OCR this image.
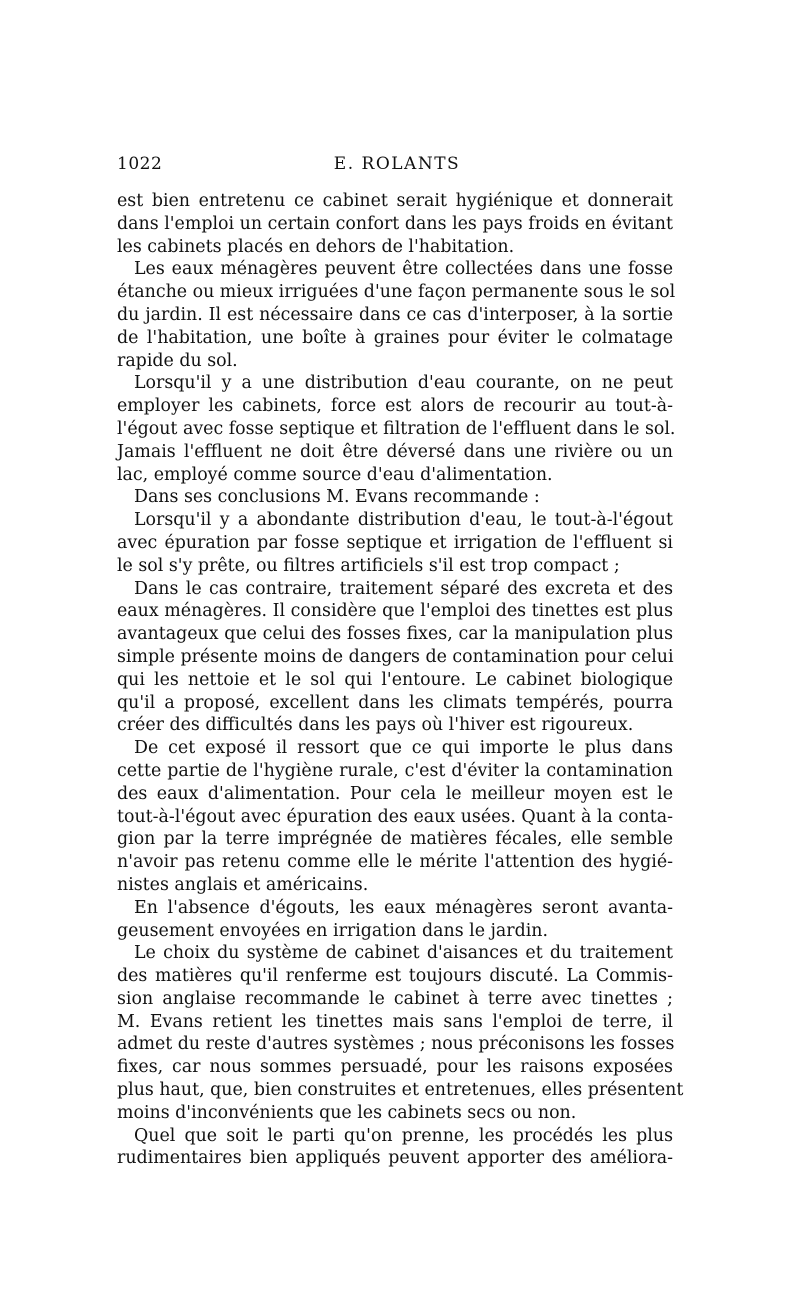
1022	E. ROLANTS
est bien entretenu ce cabinet serait hygiénique et donnerait
dans l'emploi un certain confort dans les pays froids en évitant
les cabinets placés en dehors de l'habitation.
Les eaux ménagères peuvent être collectées dans une fosse
étanche ou mieux irriguées d'une façon permanente sous le sol
du jardin. Il est nécessaire dans ce cas d'interposer, à la sortie
de l'habitation, une boîte à graines pour éviter le colmatage
rapide du sol.
Lorsqu'il y a une distribution d'eau courante, on ne peut
employer les cabinets, force est alors de recourir au tout-à-
l'égout avec fosse septique et filtration de l'effluent dans le sol.
Jamais l'effluent ne doit être déversé dans une rivière ou un
lac, employé comme source d'eau d'alimentation.
Dans ses conclusions M. Evans recommande :
Lorsqu'il y a abondante distribution d'eau, le tout-à-l'égout
avec épuration par fosse septique et irrigation de l'effluent si
le sol s'y prête, ou filtres artificiels s'il est trop compact ;
Dans le cas contraire, traitement séparé des excreta et des
eaux ménagères. Il considère que l'emploi des tinettes est plus
avantageux que celui des fosses fixes, car la manipulation plus
simple présente moins de dangers de contamination pour celui
qui les nettoie et le sol qui l'entoure. Le cabinet biologique
qu'il a proposé, excellent dans les climats tempérés, pourra
créer des difficultés dans les pays où l'hiver est rigoureux.
De cet exposé il ressort que ce qui importe le plus dans
cette partie de l'hygiène rurale, c'est d'éviter la contamination
des eaux d'alimentation. Pour cela le meilleur moyen est le
tout-à-l'égout avec épuration des eaux usées. Quant à la conta-
gion par la terre imprégnée de matières fécales, elle semble
n'avoir pas retenu comme elle le mérite l'attention des hygié-
nistes anglais et américains.
En l'absence d'égouts, les eaux ménagères seront avanta-
geusement envoyées en irrigation dans le jardin.
Le choix du système de cabinet d'aisances et du traitement
des matières qu'il renferme est toujours discuté. La Commis-
sion anglaise recommande le cabinet à terre avec tinettes ;
M. Evans retient les tinettes mais sans l'emploi de terre, il
admet du reste d'autres systèmes ; nous préconisons les fosses
fixes, car nous sommes persuadé, pour les raisons exposées
plus haut, que, bien construites et entretenues, elles présentent
moins d'inconvénients que les cabinets secs ou non.
Quel que soit le parti qu'on prenne, les procédés les plus
rudimentaires bien appliqués peuvent apporter des améliora-
